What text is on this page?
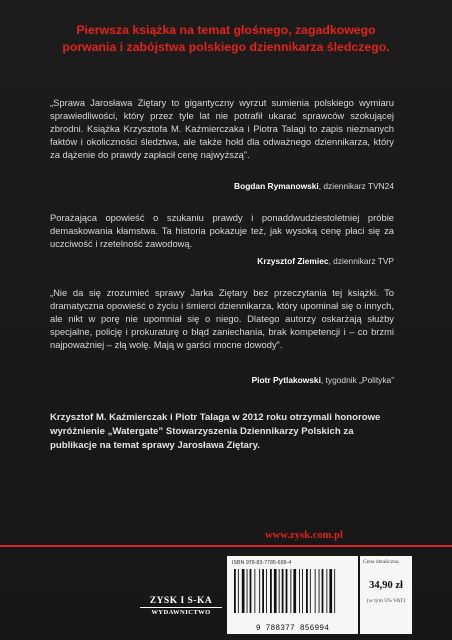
Pierwsza książka na temat głośnego, zagadkowego
porwania i zabójstwa polskiego dziennikarza śledczego.
„Sprawa Jarosława Ziętary to gigantyczny wyrzut sumienia polskiego wymiaru sprawiedliwości, który przez tyle lat nie potrafił ukarać sprawców szokującej zbrodni. Książka Krzysztofa M. Kaźmierczaka i Piotra Talagi to zapis nieznanych faktów i okoliczności śledztwa, ale także hołd dla odważnego dziennikarza, który za dążenie do prawdy zapłacił cenę najwyższą”.
Bogdan Rymanowski, dziennikarz TVN24
Porażająca opowieść o szukaniu prawdy i ponaddwudziestoletniej próbie demaskowania kłamstwa. Ta historia pokazuje też, jak wysoką cenę płaci się za uczciwość i rzetelność zawodową.
Krzysztof Ziemiec, dziennikarz TVP
„Nie da się zrozumieć sprawy Jarka Ziętary bez przeczytania tej książki. To dramatyczna opowieść o życiu i śmierci dziennikarza, który upominał się o innych, ale nikt w porę nie upomniał się o niego. Dlatego autorzy oskarżają służby specjalne, policję i prokuraturę o błąd zaniechania, brak kompetencji i – co brzmi najpoważniej – złą wolę. Mają w garści mocne dowody”.
Piotr Pytlakowski, tygodnik „Polityka”
Krzysztof M. Kaźmierczak i Piotr Talaga w 2012 roku otrzymali honorowe wyróżnienie „Watergate” Stowarzyszenia Dziennikarzy Polskich za publikacje na temat sprawy Jarosława Ziętary.
www.zysk.com.pl
ZYSK I S-KA
WYDAWNICTWO
ISBN 978-83-7785-699-4
9 788377 856994
Cena detaliczna
34,90 zł
(w tym 5% VAT)
